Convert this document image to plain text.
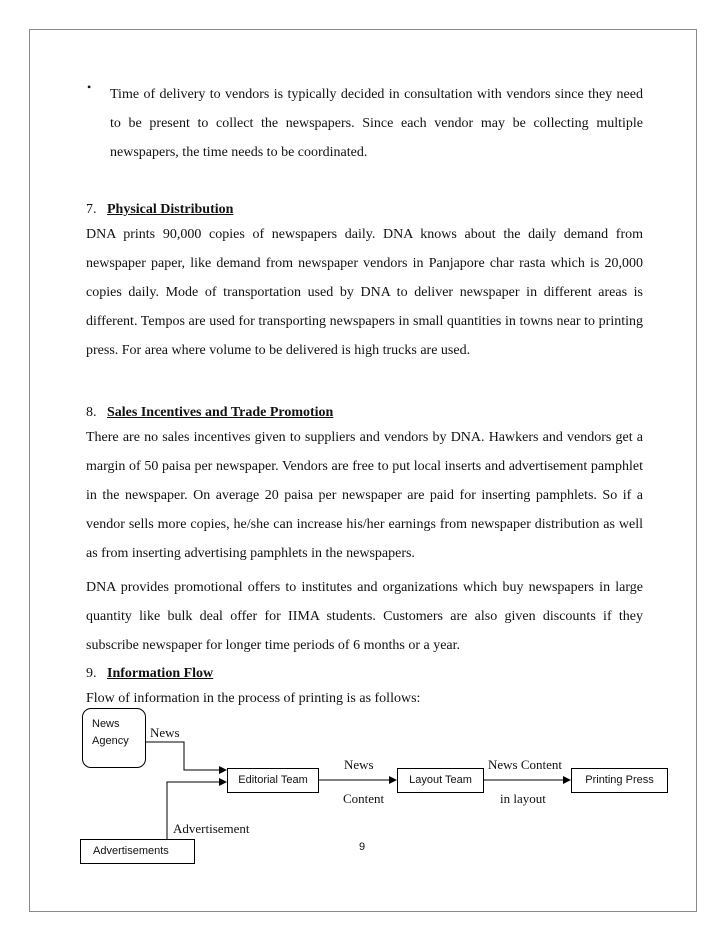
• Time of delivery to vendors is typically decided in consultation with vendors since they need to be present to collect the newspapers. Since each vendor may be collecting multiple newspapers, the time needs to be coordinated.

7. Physical Distribution

DNA prints 90,000 copies of newspapers daily. DNA knows about the daily demand from newspaper paper, like demand from newspaper vendors in Panjapore char rasta which is 20,000 copies daily. Mode of transportation used by DNA to deliver newspaper in different areas is different. Tempos are used for transporting newspapers in small quantities in towns near to printing press. For area where volume to be delivered is high trucks are used.

8. Sales Incentives and Trade Promotion

There are no sales incentives given to suppliers and vendors by DNA. Hawkers and vendors get a margin of 50 paisa per newspaper. Vendors are free to put local inserts and advertisement pamphlet in the newspaper. On average 20 paisa per newspaper are paid for inserting pamphlets. So if a vendor sells more copies, he/she can increase his/her earnings from newspaper distribution as well as from inserting advertising pamphlets in the newspapers.

DNA provides promotional offers to institutes and organizations which buy newspapers in large quantity like bulk deal offer for IIMA students. Customers are also given discounts if they subscribe newspaper for longer time periods of 6 months or a year.

9. Information Flow

Flow of information in the process of printing is as follows:

News
Agency
Editorial Team	Layout Team	Printing Press
Advertisements
News
News
Content
News Content
in layout
Advertisement
9
